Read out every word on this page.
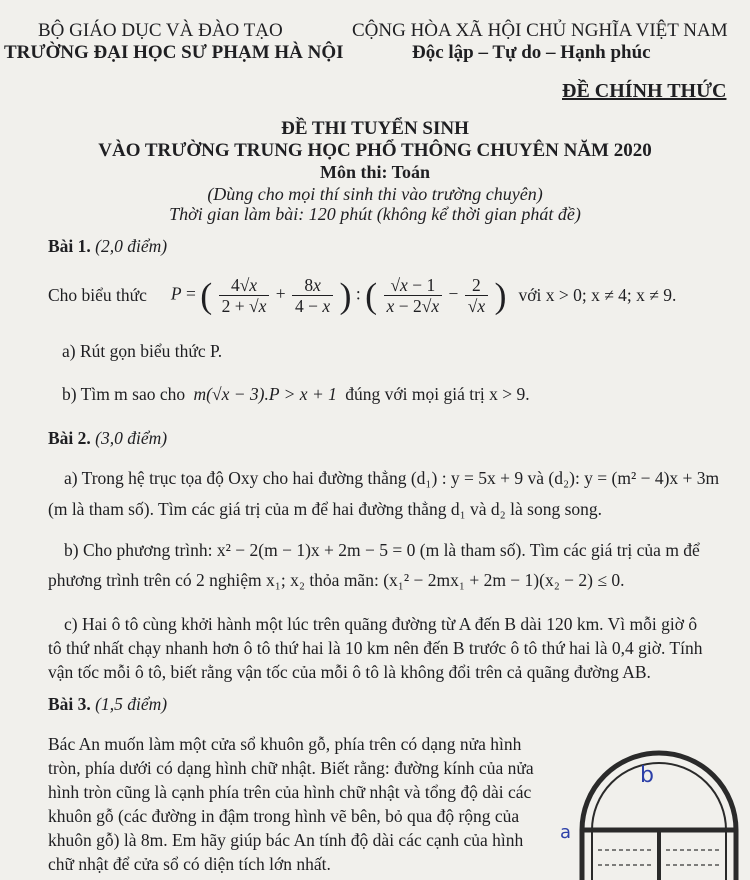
BỘ GIÁO DỤC VÀ ĐÀO TẠO
TRƯỜNG ĐẠI HỌC SƯ PHẠM HÀ NỘI
CỘNG HÒA XÃ HỘI CHỦ NGHĨA VIỆT NAM
Độc lập – Tự do – Hạnh phúc
ĐỀ CHÍNH THỨC
ĐỀ THI TUYỂN SINH
VÀO TRƯỜNG TRUNG HỌC PHỔ THÔNG CHUYÊN NĂM 2020
Môn thi: Toán
(Dùng cho mọi thí sinh thi vào trường chuyên)
Thời gian làm bài: 120 phút (không kể thời gian phát đề)
Bài 1. (2,0 điểm)
Cho biểu thức P = ( $\frac{4√x}{2 + √x} + \frac{8x}{4 - x}$ ) : ( $\frac{√x - 1}{x - 2√x} - \frac{2}{√x}$ ) với x > 0; x ≠ 4; x ≠ 9.
a) Rút gọn biểu thức P.
b) Tìm m sao cho m(√x − 3).P > x + 1 đúng với mọi giá trị x > 9.
Bài 2. (3,0 điểm)
a) Trong hệ trục tọa độ Oxy cho hai đường thẳng (d₁) : y = 5x + 9 và (d₂): y = (m² − 4)x + 3m
(m là tham số). Tìm các giá trị của m để hai đường thẳng d₁ và d₂ là song song.
b) Cho phương trình: x² − 2(m − 1)x + 2m − 5 = 0 (m là tham số). Tìm các giá trị của m để
phương trình trên có 2 nghiệm x₁; x₂ thỏa mãn: (x₁² − 2mx₁ + 2m − 1)(x₂ − 2) ≤ 0.
c) Hai ô tô cùng khởi hành một lúc trên quãng đường từ A đến B dài 120 km. Vì mỗi giờ ô
tô thứ nhất chạy nhanh hơn ô tô thứ hai là 10 km nên đến B trước ô tô thứ hai là 0,4 giờ. Tính
vận tốc mỗi ô tô, biết rằng vận tốc của mỗi ô tô là không đổi trên cả quãng đường AB.
Bài 3. (1,5 điểm)
Bác An muốn làm một cửa sổ khuôn gỗ, phía trên có dạng nửa hình
tròn, phía dưới có dạng hình chữ nhật. Biết rằng: đường kính của nửa
hình tròn cũng là cạnh phía trên của hình chữ nhật và tổng độ dài các
khuôn gỗ (các đường in đậm trong hình vẽ bên, bỏ qua độ rộng của
khuôn gỗ) là 8m. Em hãy giúp bác An tính độ dài các cạnh của hình
chữ nhật để cửa sổ có diện tích lớn nhất.
b
a
